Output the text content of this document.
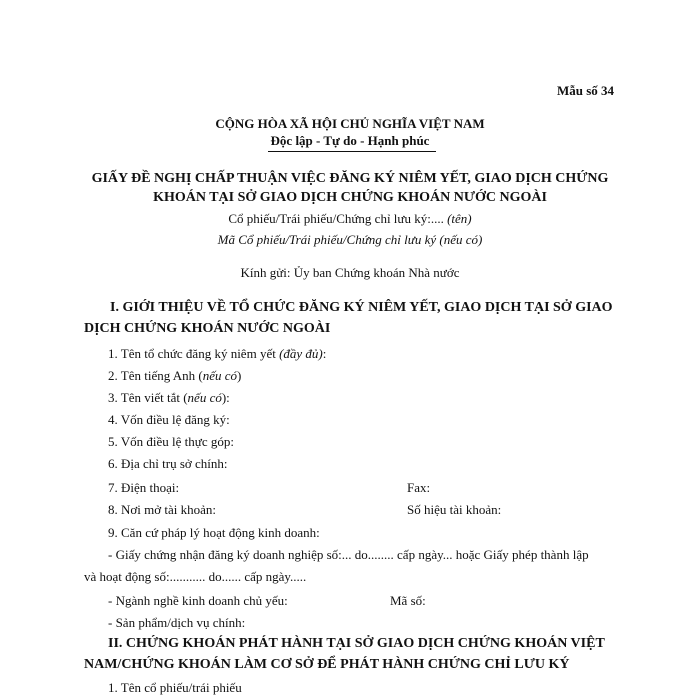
Mẫu số 34
CỘNG HÒA XÃ HỘI CHỦ NGHĨA VIỆT NAM
Độc lập - Tự do - Hạnh phúc
GIẤY ĐỀ NGHỊ CHẤP THUẬN VIỆC ĐĂNG KÝ NIÊM YẾT, GIAO DỊCH CHỨNG
KHOÁN TẠI SỞ GIAO DỊCH CHỨNG KHOÁN NƯỚC NGOÀI
Cổ phiếu/Trái phiếu/Chứng chỉ lưu ký:.... (tên)
Mã Cổ phiếu/Trái phiếu/Chứng chỉ lưu ký (nếu có)
Kính gửi: Ủy ban Chứng khoán Nhà nước
I. GIỚI THIỆU VỀ TỔ CHỨC ĐĂNG KÝ NIÊM YẾT, GIAO DỊCH TẠI SỞ GIAO
DỊCH CHỨNG KHOÁN NƯỚC NGOÀI
1. Tên tổ chức đăng ký niêm yết (đầy đủ):
2. Tên tiếng Anh (nếu có)
3. Tên viết tắt (nếu có):
4. Vốn điều lệ đăng ký:
5. Vốn điều lệ thực góp:
6. Địa chỉ trụ sở chính:
7. Điện thoại:	Fax:
8. Nơi mở tài khoản:	Số hiệu tài khoản:
9. Căn cứ pháp lý hoạt động kinh doanh:
- Giấy chứng nhận đăng ký doanh nghiệp số:... do........ cấp ngày... hoặc Giấy phép thành lập
và hoạt động số:........... do...... cấp ngày.....
- Ngành nghề kinh doanh chủ yếu:	Mã số:
- Sản phẩm/dịch vụ chính:
II. CHỨNG KHOÁN PHÁT HÀNH TẠI SỞ GIAO DỊCH CHỨNG KHOÁN VIỆT
NAM/CHỨNG KHOÁN LÀM CƠ SỞ ĐỂ PHÁT HÀNH CHỨNG CHỈ LƯU KÝ
1. Tên cổ phiếu/trái phiếu
